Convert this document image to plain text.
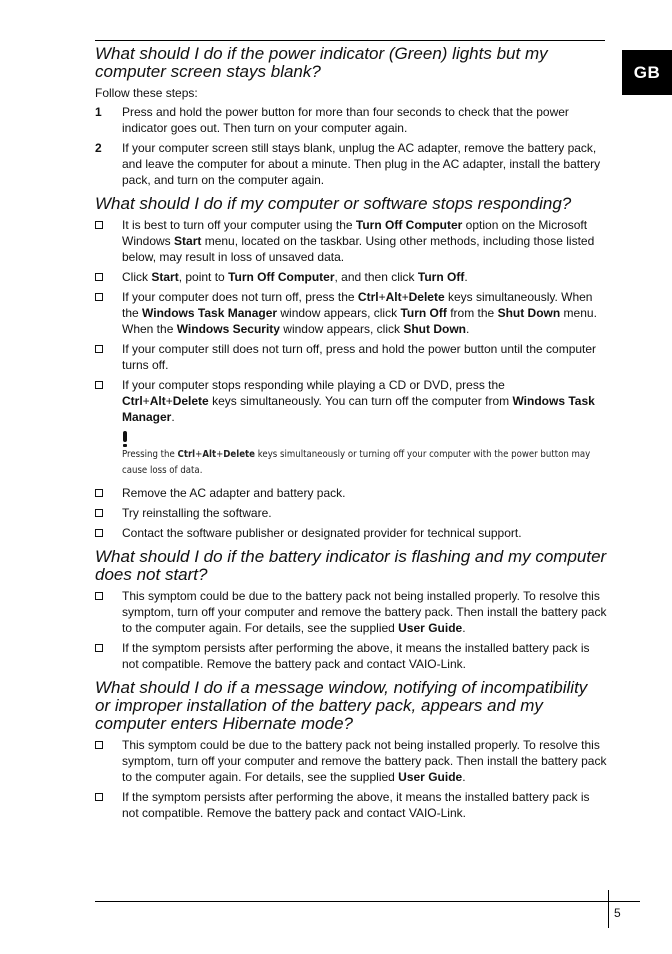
GB
What should I do if the power indicator (Green) lights but my computer screen stays blank?

Follow these steps:

1	Press and hold the power button for more than four seconds to check that the power indicator goes out. Then turn on your computer again.
2	If your computer screen still stays blank, unplug the AC adapter, remove the battery pack, and leave the computer for about a minute. Then plug in the AC adapter, install the battery pack, and turn on the computer again.
What should I do if my computer or software stops responding?
It is best to turn off your computer using the Turn Off Computer option on the Microsoft Windows Start menu, located on the taskbar. Using other methods, including those listed below, may result in loss of unsaved data.
Click Start, point to Turn Off Computer, and then click Turn Off.
If your computer does not turn off, press the Ctrl+Alt+Delete keys simultaneously. When the Windows Task Manager window appears, click Turn Off from the Shut Down menu.
When the Windows Security window appears, click Shut Down.
If your computer still does not turn off, press and hold the power button until the computer turns off.
If your computer stops responding while playing a CD or DVD, press the
Ctrl+Alt+Delete keys simultaneously. You can turn off the computer from Windows Task Manager.
Pressing the Ctrl+Alt+Delete keys simultaneously or turning off your computer with the power button may cause loss of data.
Remove the AC adapter and battery pack.
Try reinstalling the software.
Contact the software publisher or designated provider for technical support.
What should I do if the battery indicator is flashing and my computer does not start?
This symptom could be due to the battery pack not being installed properly. To resolve this symptom, turn off your computer and remove the battery pack. Then install the battery pack to the computer again. For details, see the supplied User Guide.
If the symptom persists after performing the above, it means the installed battery pack is not compatible. Remove the battery pack and contact VAIO-Link.
What should I do if a message window, notifying of incompatibility or improper installation of the battery pack, appears and my computer enters Hibernate mode?
This symptom could be due to the battery pack not being installed properly. To resolve this symptom, turn off your computer and remove the battery pack. Then install the battery pack to the computer again. For details, see the supplied User Guide.
If the symptom persists after performing the above, it means the installed battery pack is not compatible. Remove the battery pack and contact VAIO-Link.
5
